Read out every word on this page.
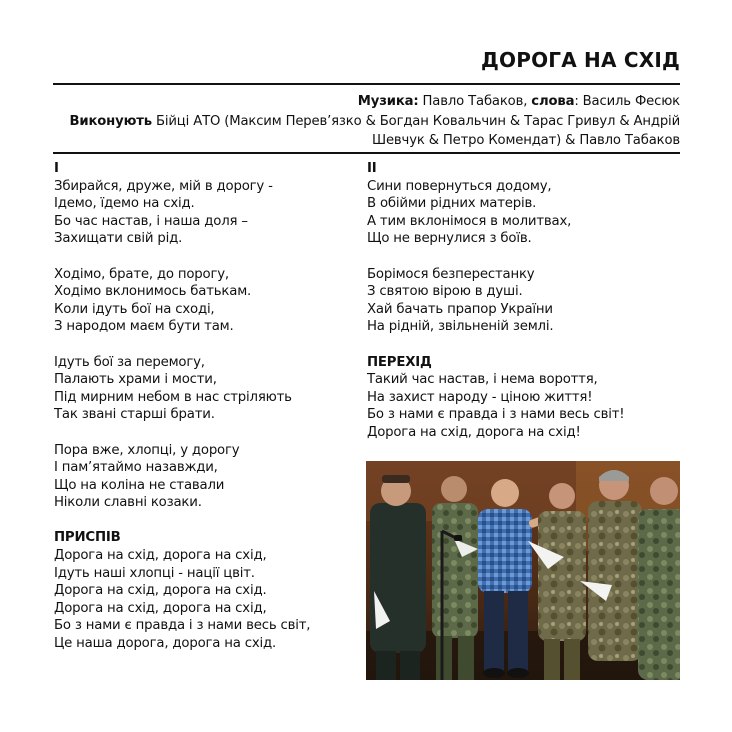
ДОРОГА НА СХІД
Музика: Павло Табаков, слова: Василь Фесюк
Виконують Бійці АТО (Максим Перев’язко & Богдан Ковальчин & Тарас Гривул & Андрій
Шевчук & Петро Комендат) & Павло Табаков
I
Збирайся, друже, мій в дорогу -
Ідемо, їдемо на схід.
Бо час настав, і наша доля –
Захищати свій рід.
Ходімо, брате, до порогу,
Ходімо вклонимось батькам.
Коли ідуть бої на сході,
З народом маєм бути там.
Ідуть бої за перемогу,
Палають храми і мости,
Під мирним небом в нас стріляють
Так звані старші брати.
Пора вже, хлопці, у дорогу
І пам’ятаймо назавжди,
Що на коліна не ставали
Ніколи славні козаки.
ПРИСПІВ
Дорога на схід, дорога на схід,
Ідуть наші хлопці - нації цвіт.
Дорога на схід, дорога на схід.
Дорога на схід, дорога на схід,
Бо з нами є правда і з нами весь світ,
Це наша дорога, дорога на схід.
II
Сини повернуться додому,
В обійми рідних матерів.
А тим вклонімося в молитвах,
Що не вернулися з боїв.
Борімося безперестанку
З святою вірою в душі.
Хай бачать прапор України
На рідній, звільненій землі.
ПЕРЕХІД
Такий час настав, і нема вороття,
На захист народу - ціною життя!
Бо з нами є правда і з нами весь світ!
Дорога на схід, дорога на схід!
